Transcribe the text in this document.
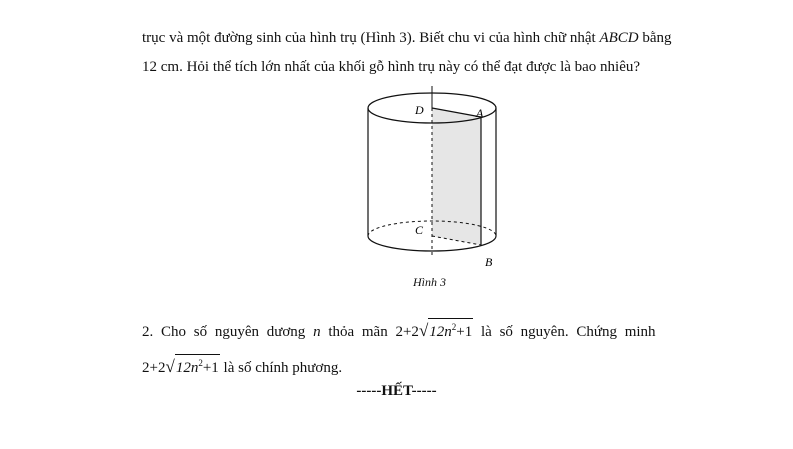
trục và một đường sinh của hình trụ (Hình 3). Biết chu vi của hình chữ nhật ABCD bằng
12 cm. Hỏi thể tích lớn nhất của khối gỗ hình trụ này có thể đạt được là bao nhiêu?
D	A
C
B
Hình 3
2. Cho số nguyên dương n thỏa mãn $2+2√12n^2+1$ là số nguyên. Chứng minh
$2+2√12n^2+1$ là số chính phương.
-----HẾT-----
